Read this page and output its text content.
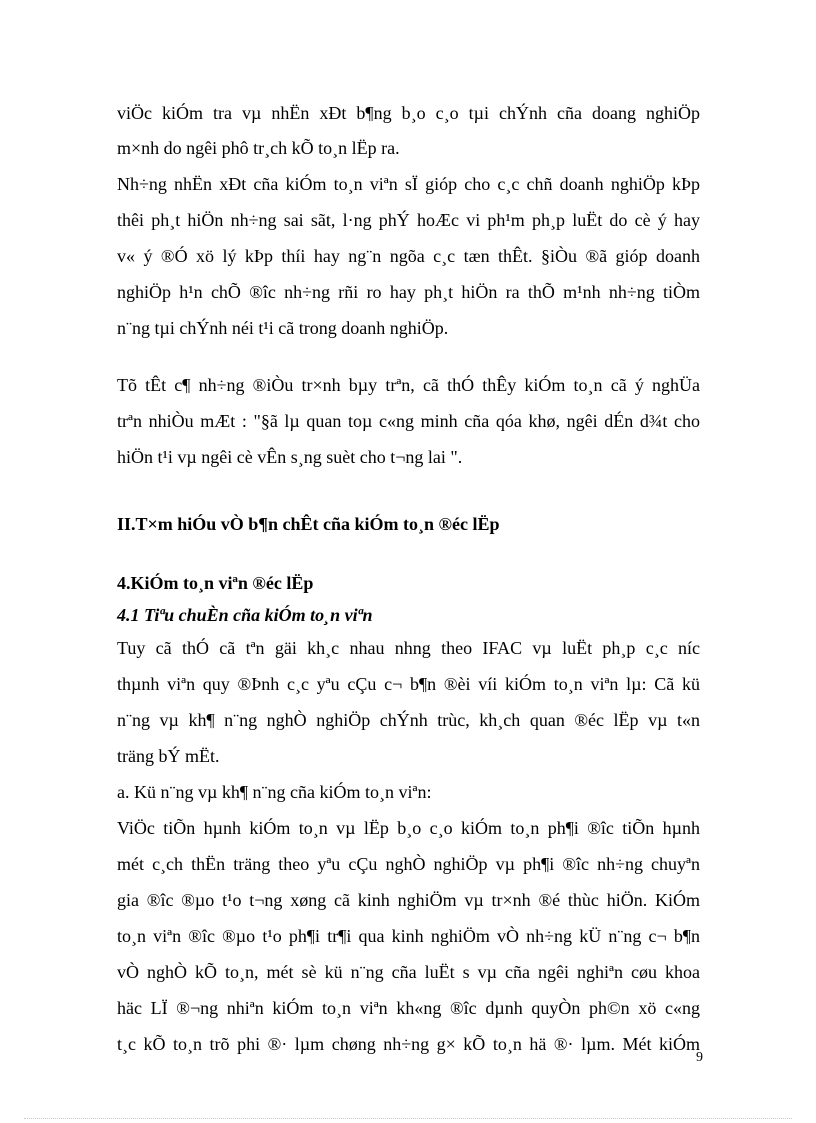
viÖc kiÓm tra vµ nhËn xÐt b¶ng b¸o c¸o tµi chÝnh cña doang nghiÖp
m×nh do ngêi phô tr¸ch kÕ to¸n lËp ra.
Nh÷ng nhËn xÐt cña kiÓm to¸n viªn sÏ gióp cho c¸c chñ doanh nghiÖp kÞp
thêi ph¸t hiÖn nh÷ng sai sãt, l·ng phÝ hoÆc vi ph¹m ph¸p luËt do cè ý hay
v« ý ®Ó xö lý kÞp thíi hay ng¨n ngõa c¸c tæn thÊt. §iÒu ®ã gióp doanh
nghiÖp h¹n chÕ ®îc nh÷ng rñi ro hay ph¸t hiÖn ra thÕ m¹nh nh÷ng tiÒm
n¨ng tµi chÝnh néi t¹i cã trong doanh nghiÖp.
Tõ tÊt c¶ nh÷ng ®iÒu tr×nh bµy trªn, cã thÓ thÊy kiÓm to¸n cã ý nghÜa
trªn nhiÒu mÆt : "§ã lµ quan toµ c«ng minh cña qóa khø, ngêi dÉn d¾t cho
hiÖn t¹i vµ ngêi cè vÊn s¸ng suèt cho t¬ng lai ".
II.T×m hiÓu vÒ b¶n chÊt cña kiÓm to¸n ®éc lËp
4.KiÓm to¸n viªn ®éc lËp
4.1 Tiªu chuÈn cña kiÓm to¸n viªn
Tuy cã thÓ cã tªn gäi kh¸c nhau nhng theo IFAC vµ luËt ph¸p c¸c níc
thµnh viªn quy ®Þnh c¸c yªu cÇu c¬ b¶n ®èi víi kiÓm to¸n viªn lµ: Cã kü
n¨ng vµ kh¶ n¨ng nghÒ nghiÖp chÝnh trùc, kh¸ch quan ®éc lËp vµ t«n
träng bÝ mËt.
a. Kü n¨ng vµ kh¶ n¨ng cña kiÓm to¸n viªn:
ViÖc tiÕn hµnh kiÓm to¸n vµ lËp b¸o c¸o kiÓm to¸n ph¶i ®îc tiÕn hµnh
mét c¸ch thËn träng theo yªu cÇu nghÒ nghiÖp vµ ph¶i ®îc nh÷ng chuyªn
gia ®îc ®µo t¹o t¬ng xøng cã kinh nghiÖm vµ tr×nh ®é thùc hiÖn. KiÓm
to¸n viªn ®îc ®µo t¹o ph¶i tr¶i qua kinh nghiÖm vÒ nh÷ng kÜ n¨ng c¬ b¶n
vÒ nghÒ kÕ to¸n, mét sè kü n¨ng cña luËt s vµ cña ngêi nghiªn cøu khoa
häc LÏ ®¬ng nhiªn kiÓm to¸n viªn kh«ng ®îc dµnh quyÒn ph©n xö c«ng
t¸c kÕ to¸n trõ phi ®· lµm chøng nh÷ng g× kÕ to¸n hä ®· lµm. Mét kiÓm
9
